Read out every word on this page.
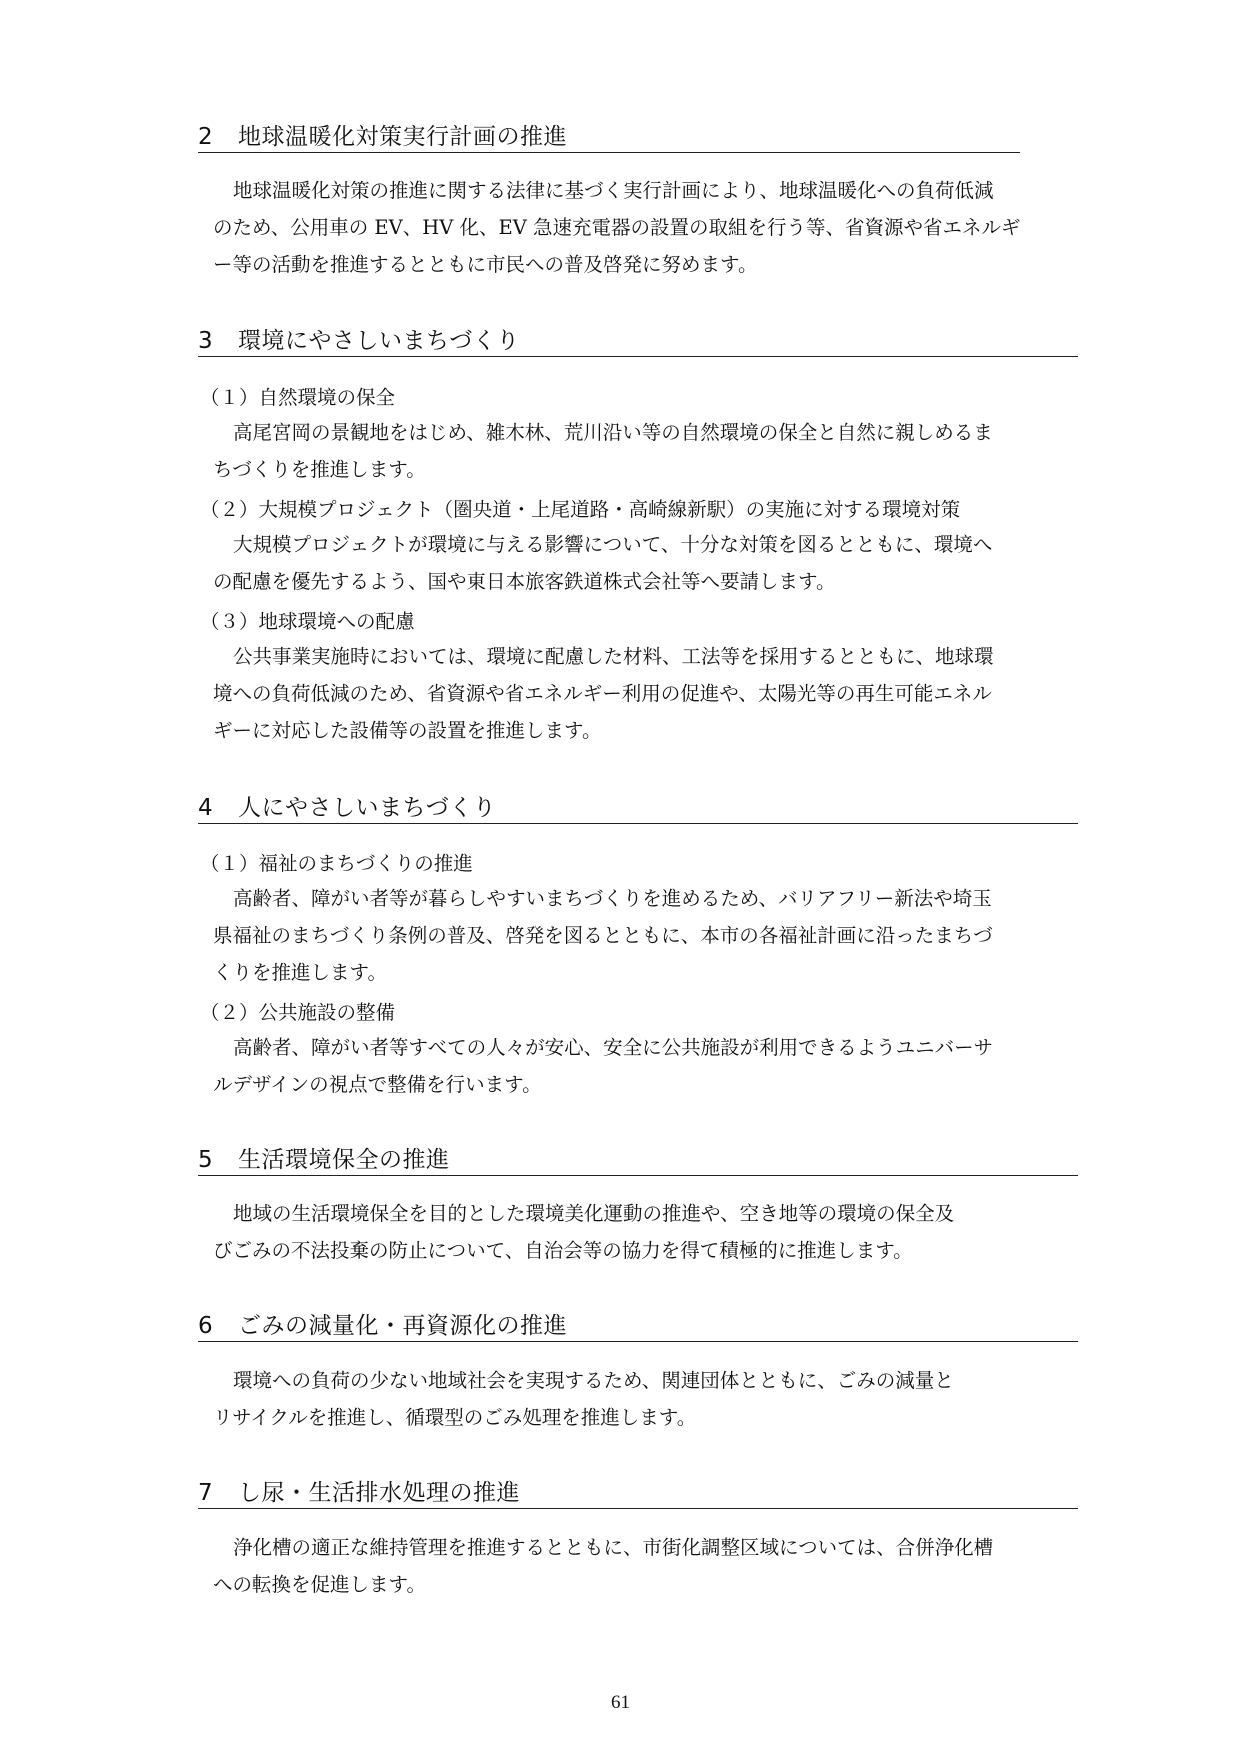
2 地球温暖化対策実行計画の推進
地球温暖化対策の推進に関する法律に基づく実行計画により、地球温暖化への負荷低減
のため、公用車の EV、HV 化、EV 急速充電器の設置の取組を行う等、省資源や省エネルギ
ー等の活動を推進するとともに市民への普及啓発に努めます。
3 環境にやさしいまちづくり
（１）自然環境の保全
高尾宮岡の景観地をはじめ、雑木林、荒川沿い等の自然環境の保全と自然に親しめるま
ちづくりを推進します。
（２）大規模プロジェクト（圏央道・上尾道路・高崎線新駅）の実施に対する環境対策
大規模プロジェクトが環境に与える影響について、十分な対策を図るとともに、環境へ
の配慮を優先するよう、国や東日本旅客鉄道株式会社等へ要請します。
（３）地球環境への配慮
公共事業実施時においては、環境に配慮した材料、工法等を採用するとともに、地球環
境への負荷低減のため、省資源や省エネルギー利用の促進や、太陽光等の再生可能エネル
ギーに対応した設備等の設置を推進します。
4 人にやさしいまちづくり
（１）福祉のまちづくりの推進
高齢者、障がい者等が暮らしやすいまちづくりを進めるため、バリアフリー新法や埼玉
県福祉のまちづくり条例の普及、啓発を図るとともに、本市の各福祉計画に沿ったまちづ
くりを推進します。
（２）公共施設の整備
高齢者、障がい者等すべての人々が安心、安全に公共施設が利用できるようユニバーサ
ルデザインの視点で整備を行います。
5 生活環境保全の推進
地域の生活環境保全を目的とした環境美化運動の推進や、空き地等の環境の保全及
びごみの不法投棄の防止について、自治会等の協力を得て積極的に推進します。
6 ごみの減量化・再資源化の推進
環境への負荷の少ない地域社会を実現するため、関連団体とともに、ごみの減量と
リサイクルを推進し、循環型のごみ処理を推進します。
7 し尿・生活排水処理の推進
浄化槽の適正な維持管理を推進するとともに、市街化調整区域については、合併浄化槽
への転換を促進します。
61
